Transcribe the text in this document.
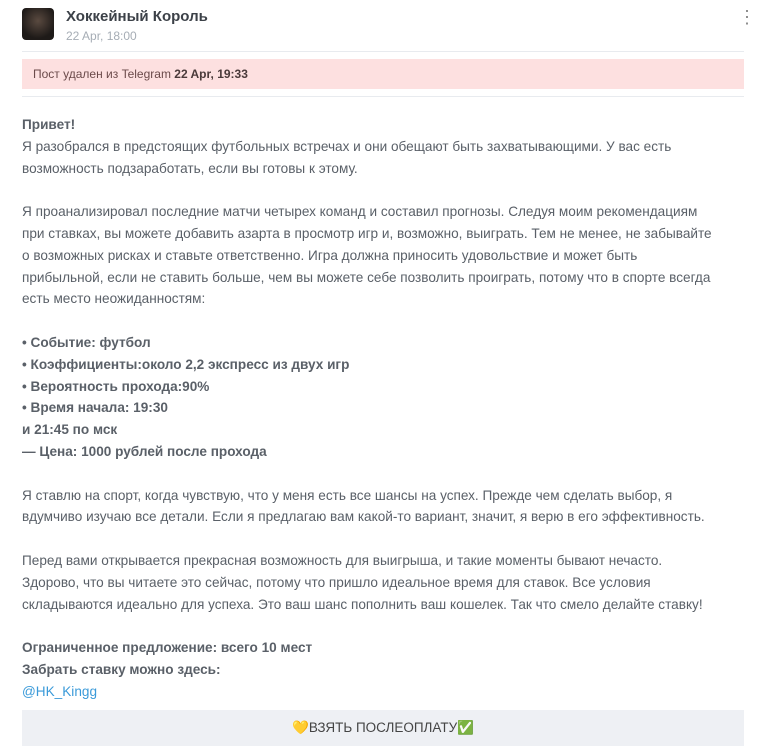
Хоккейный Король
22 Apr, 18:00
⋮
Пост удален из Telegram 22 Apr, 19:33
Привет!
Я разобрался в предстоящих футбольных встречах и они обещают быть захватывающими. У вас есть
возможность подзаработать, если вы готовы к этому.
Я проанализировал последние матчи четырех команд и составил прогнозы. Следуя моим рекомендациям
при ставках, вы можете добавить азарта в просмотр игр и, возможно, выиграть. Тем не менее, не забывайте
о возможных рисках и ставьте ответственно. Игра должна приносить удовольствие и может быть
прибыльной, если не ставить больше, чем вы можете себе позволить проиграть, потому что в спорте всегда
есть место неожиданностям:
• Событие: футбол
• Коэффициенты:около 2,2 экспресс из двух игр
• Вероятность прохода:90%
• Время начала: 19:30
и 21:45 по мск
— Цена: 1000 рублей после прохода
Я ставлю на спорт, когда чувствую, что у меня есть все шансы на успех. Прежде чем сделать выбор, я
вдумчиво изучаю все детали. Если я предлагаю вам какой-то вариант, значит, я верю в его эффективность.
Перед вами открывается прекрасная возможность для выигрыша, и такие моменты бывают нечасто.
Здорово, что вы читаете это сейчас, потому что пришло идеальное время для ставок. Все условия
складываются идеально для успеха. Это ваш шанс пополнить ваш кошелек. Так что смело делайте ставку!
Ограниченное предложение: всего 10 мест
Забрать ставку можно здесь:
@HK_Kingg
💛ВЗЯТЬ ПОСЛЕОПЛАТУ✅
